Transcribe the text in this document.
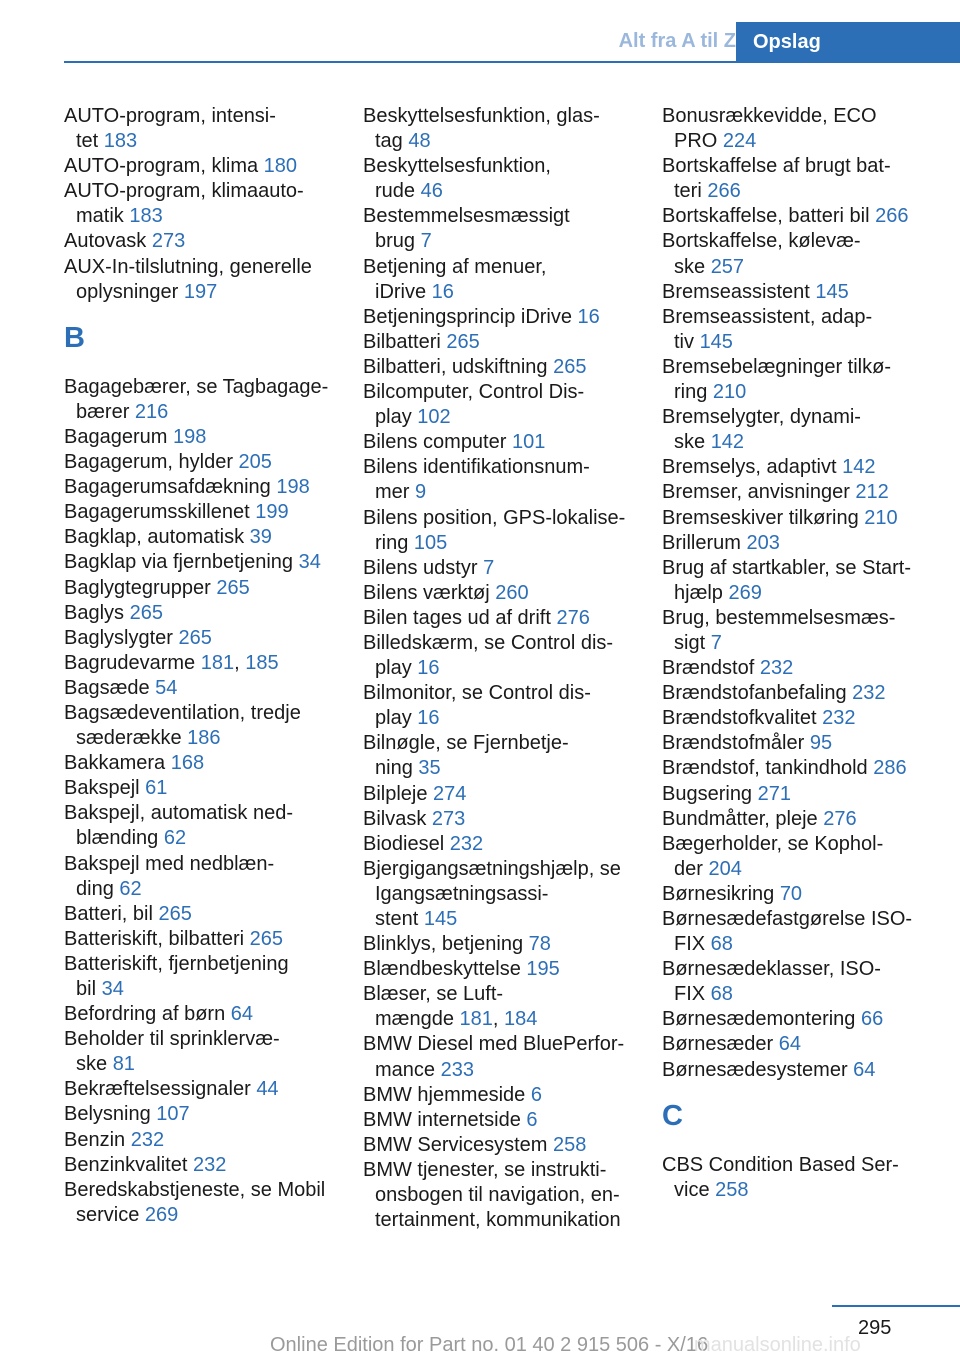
Alt fra A til Z Opslag
AUTO-program, intensi-
tet 183
AUTO-program, klima 180
AUTO-program, klimaauto-
matik 183
Autovask 273
AUX-In-tilslutning, generelle
oplysninger 197
B
Bagagebærer, se Tagbagage-
bærer 216
Bagagerum 198
Bagagerum, hylder 205
Bagagerumsafdækning 198
Bagagerumsskillenet 199
Bagklap, automatisk 39
Bagklap via fjernbetjening 34
Baglygtegrupper 265
Baglys 265
Baglyslygter 265
Bagrudevarme 181, 185
Bagsæde 54
Bagsædeventilation, tredje
sæderække 186
Bakkamera 168
Bakspejl 61
Bakspejl, automatisk ned-
blænding 62
Bakspejl med nedblæn-
ding 62
Batteri, bil 265
Batteriskift, bilbatteri 265
Batteriskift, fjernbetjening
bil 34
Befordring af børn 64
Beholder til sprinklervæ-
ske 81
Bekræftelsessignaler 44
Belysning 107
Benzin 232
Benzinkvalitet 232
Beredskabstjeneste, se Mobil
service 269
Beskyttelsesfunktion, glas-
tag 48
Beskyttelsesfunktion,
rude 46
Bestemmelsesmæssigt
brug 7
Betjening af menuer,
iDrive 16
Betjeningsprincip iDrive 16
Bilbatteri 265
Bilbatteri, udskiftning 265
Bilcomputer, Control Dis-
play 102
Bilens computer 101
Bilens identifikationsnum-
mer 9
Bilens position, GPS-lokalise-
ring 105
Bilens udstyr 7
Bilens værktøj 260
Bilen tages ud af drift 276
Billedskærm, se Control dis-
play 16
Bilmonitor, se Control dis-
play 16
Bilnøgle, se Fjernbetje-
ning 35
Bilpleje 274
Bilvask 273
Biodiesel 232
Bjergigangsætningshjælp, se
Igangsætningsassi-
stent 145
Blinklys, betjening 78
Blændbeskyttelse 195
Blæser, se Luft-
mængde 181, 184
BMW Diesel med BluePerfor-
mance 233
BMW hjemmeside 6
BMW internetside 6
BMW Servicesystem 258
BMW tjenester, se instrukti-
onsbogen til navigation, en-
tertainment, kommunikation
Bonusrækkevidde, ECO
PRO 224
Bortskaffelse af brugt bat-
teri 266
Bortskaffelse, batteri bil 266
Bortskaffelse, kølevæ-
ske 257
Bremseassistent 145
Bremseassistent, adap-
tiv 145
Bremsebelægninger tilkø-
ring 210
Bremselygter, dynami-
ske 142
Bremselys, adaptivt 142
Bremser, anvisninger 212
Bremseskiver tilkøring 210
Brillerum 203
Brug af startkabler, se Start-
hjælp 269
Brug, bestemmelsesmæs-
sigt 7
Brændstof 232
Brændstofanbefaling 232
Brændstofkvalitet 232
Brændstofmåler 95
Brændstof, tankindhold 286
Bugsering 271
Bundmåtter, pleje 276
Bægerholder, se Kophol-
der 204
Børnesikring 70
Børnesædefastgørelse ISO-
FIX 68
Børnesædeklasser, ISO-
FIX 68
Børnesædemontering 66
Børnesæder 64
Børnesædesystemer 64
C
CBS Condition Based Ser-
vice 258
295
Online Edition for Part no. 01 40 2 915 506 - X/16
manualsonline.info
